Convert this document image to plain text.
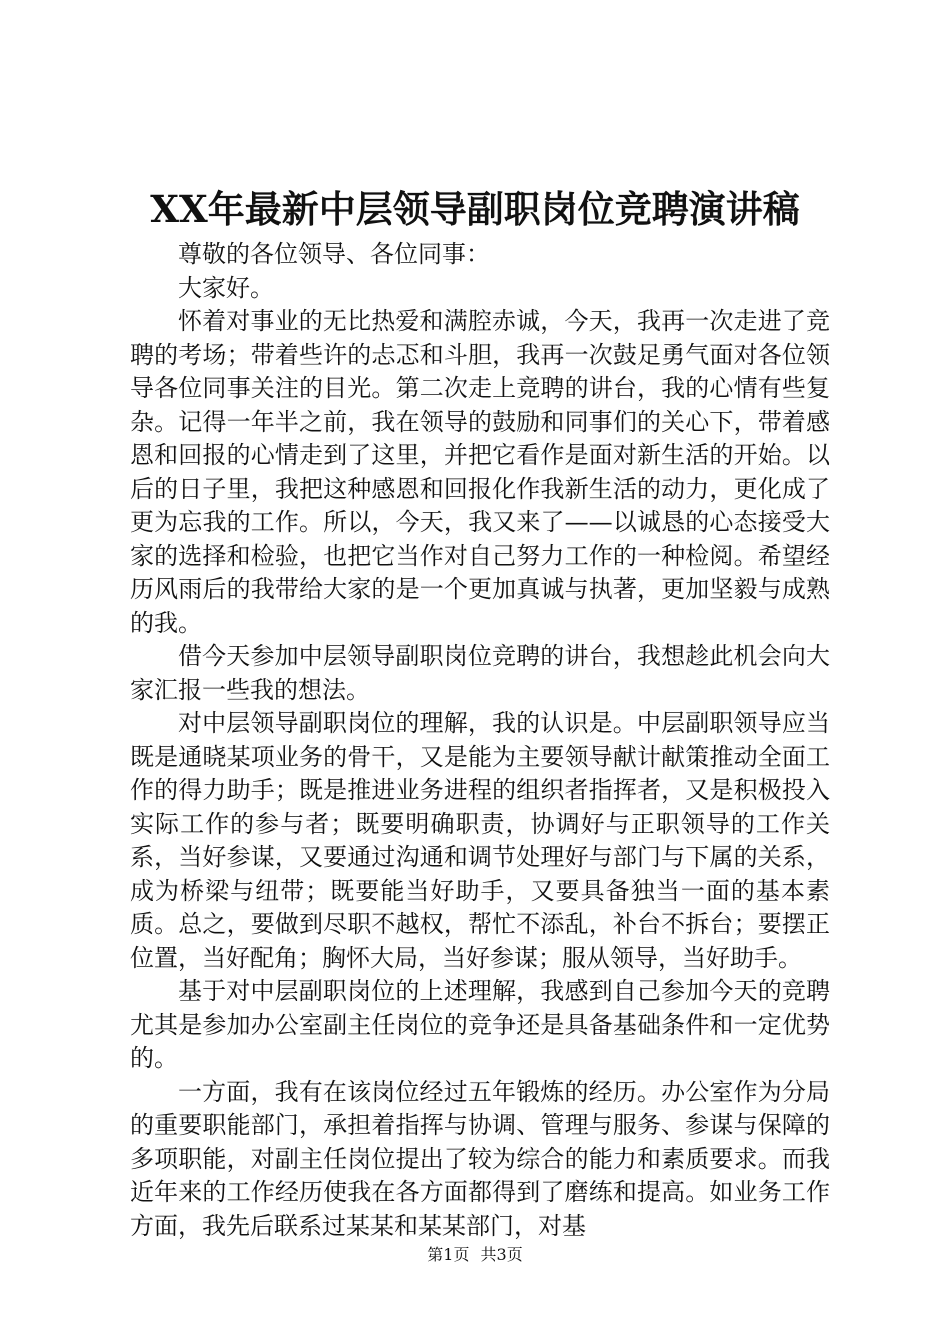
XX年最新中层领导副职岗位竞聘演讲稿

尊敬的各位领导、各位同事：

大家好。

怀着对事业的无比热爱和满腔赤诚，今天，我再一次走进了竞聘的考场；带着些许的忐忑和斗胆，我再一次鼓足勇气面对各位领导各位同事关注的目光。第二次走上竞聘的讲台，我的心情有些复杂。记得一年半之前，我在领导的鼓励和同事们的关心下，带着感恩和回报的心情走到了这里，并把它看作是面对新生活的开始。以后的日子里，我把这种感恩和回报化作我新生活的动力，更化成了更为忘我的工作。所以，今天，我又来了——以诚恳的心态接受大家的选择和检验，也把它当作对自己努力工作的一种检阅。希望经历风雨后的我带给大家的是一个更加真诚与执著，更加坚毅与成熟的我。

借今天参加中层领导副职岗位竞聘的讲台，我想趁此机会向大家汇报一些我的想法。

对中层领导副职岗位的理解，我的认识是。中层副职领导应当既是通晓某项业务的骨干，又是能为主要领导献计献策推动全面工作的得力助手；既是推进业务进程的组织者指挥者，又是积极投入实际工作的参与者；既要明确职责，协调好与正职领导的工作关系，当好参谋，又要通过沟通和调节处理好与部门与下属的关系，成为桥梁与纽带；既要能当好助手，又要具备独当一面的基本素质。总之，要做到尽职不越权，帮忙不添乱，补台不拆台；要摆正位置，当好配角；胸怀大局，当好参谋；服从领导，当好助手。

基于对中层副职岗位的上述理解，我感到自己参加今天的竞聘尤其是参加办公室副主任岗位的竞争还是具备基础条件和一定优势的。

一方面，我有在该岗位经过五年锻炼的经历。办公室作为分局的重要职能部门，承担着指挥与协调、管理与服务、参谋与保障的多项职能，对副主任岗位提出了较为综合的能力和素质要求。而我近年来的工作经历使我在各方面都得到了磨练和提高。如业务工作方面，我先后联系过某某和某某部门，对基

第1页 共3页
